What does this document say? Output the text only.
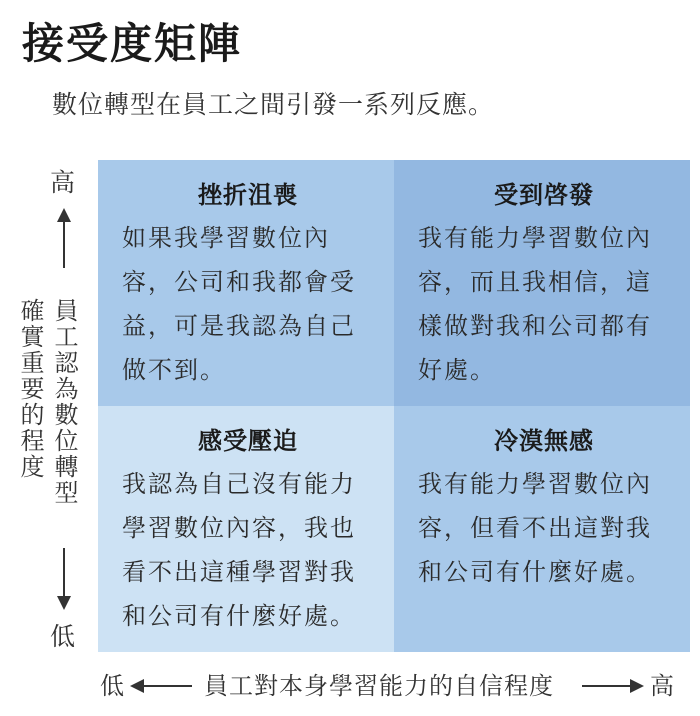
接受度矩陣
數位轉型在員工之間引發一系列反應。
高
員工認為數位轉型
確實重要的程度
低
挫折沮喪
如果我學習數位內容，公司和我都會受益，可是我認為自己做不到。
受到啓發
我有能力學習數位內容，而且我相信，這樣做對我和公司都有好處。
感受壓迫
我認為自己沒有能力學習數位內容，我也看不出這種學習對我和公司有什麼好處。
冷漠無感
我有能力學習數位內容，但看不出這對我和公司有什麼好處。
低	員工對本身學習能力的自信程度	高
